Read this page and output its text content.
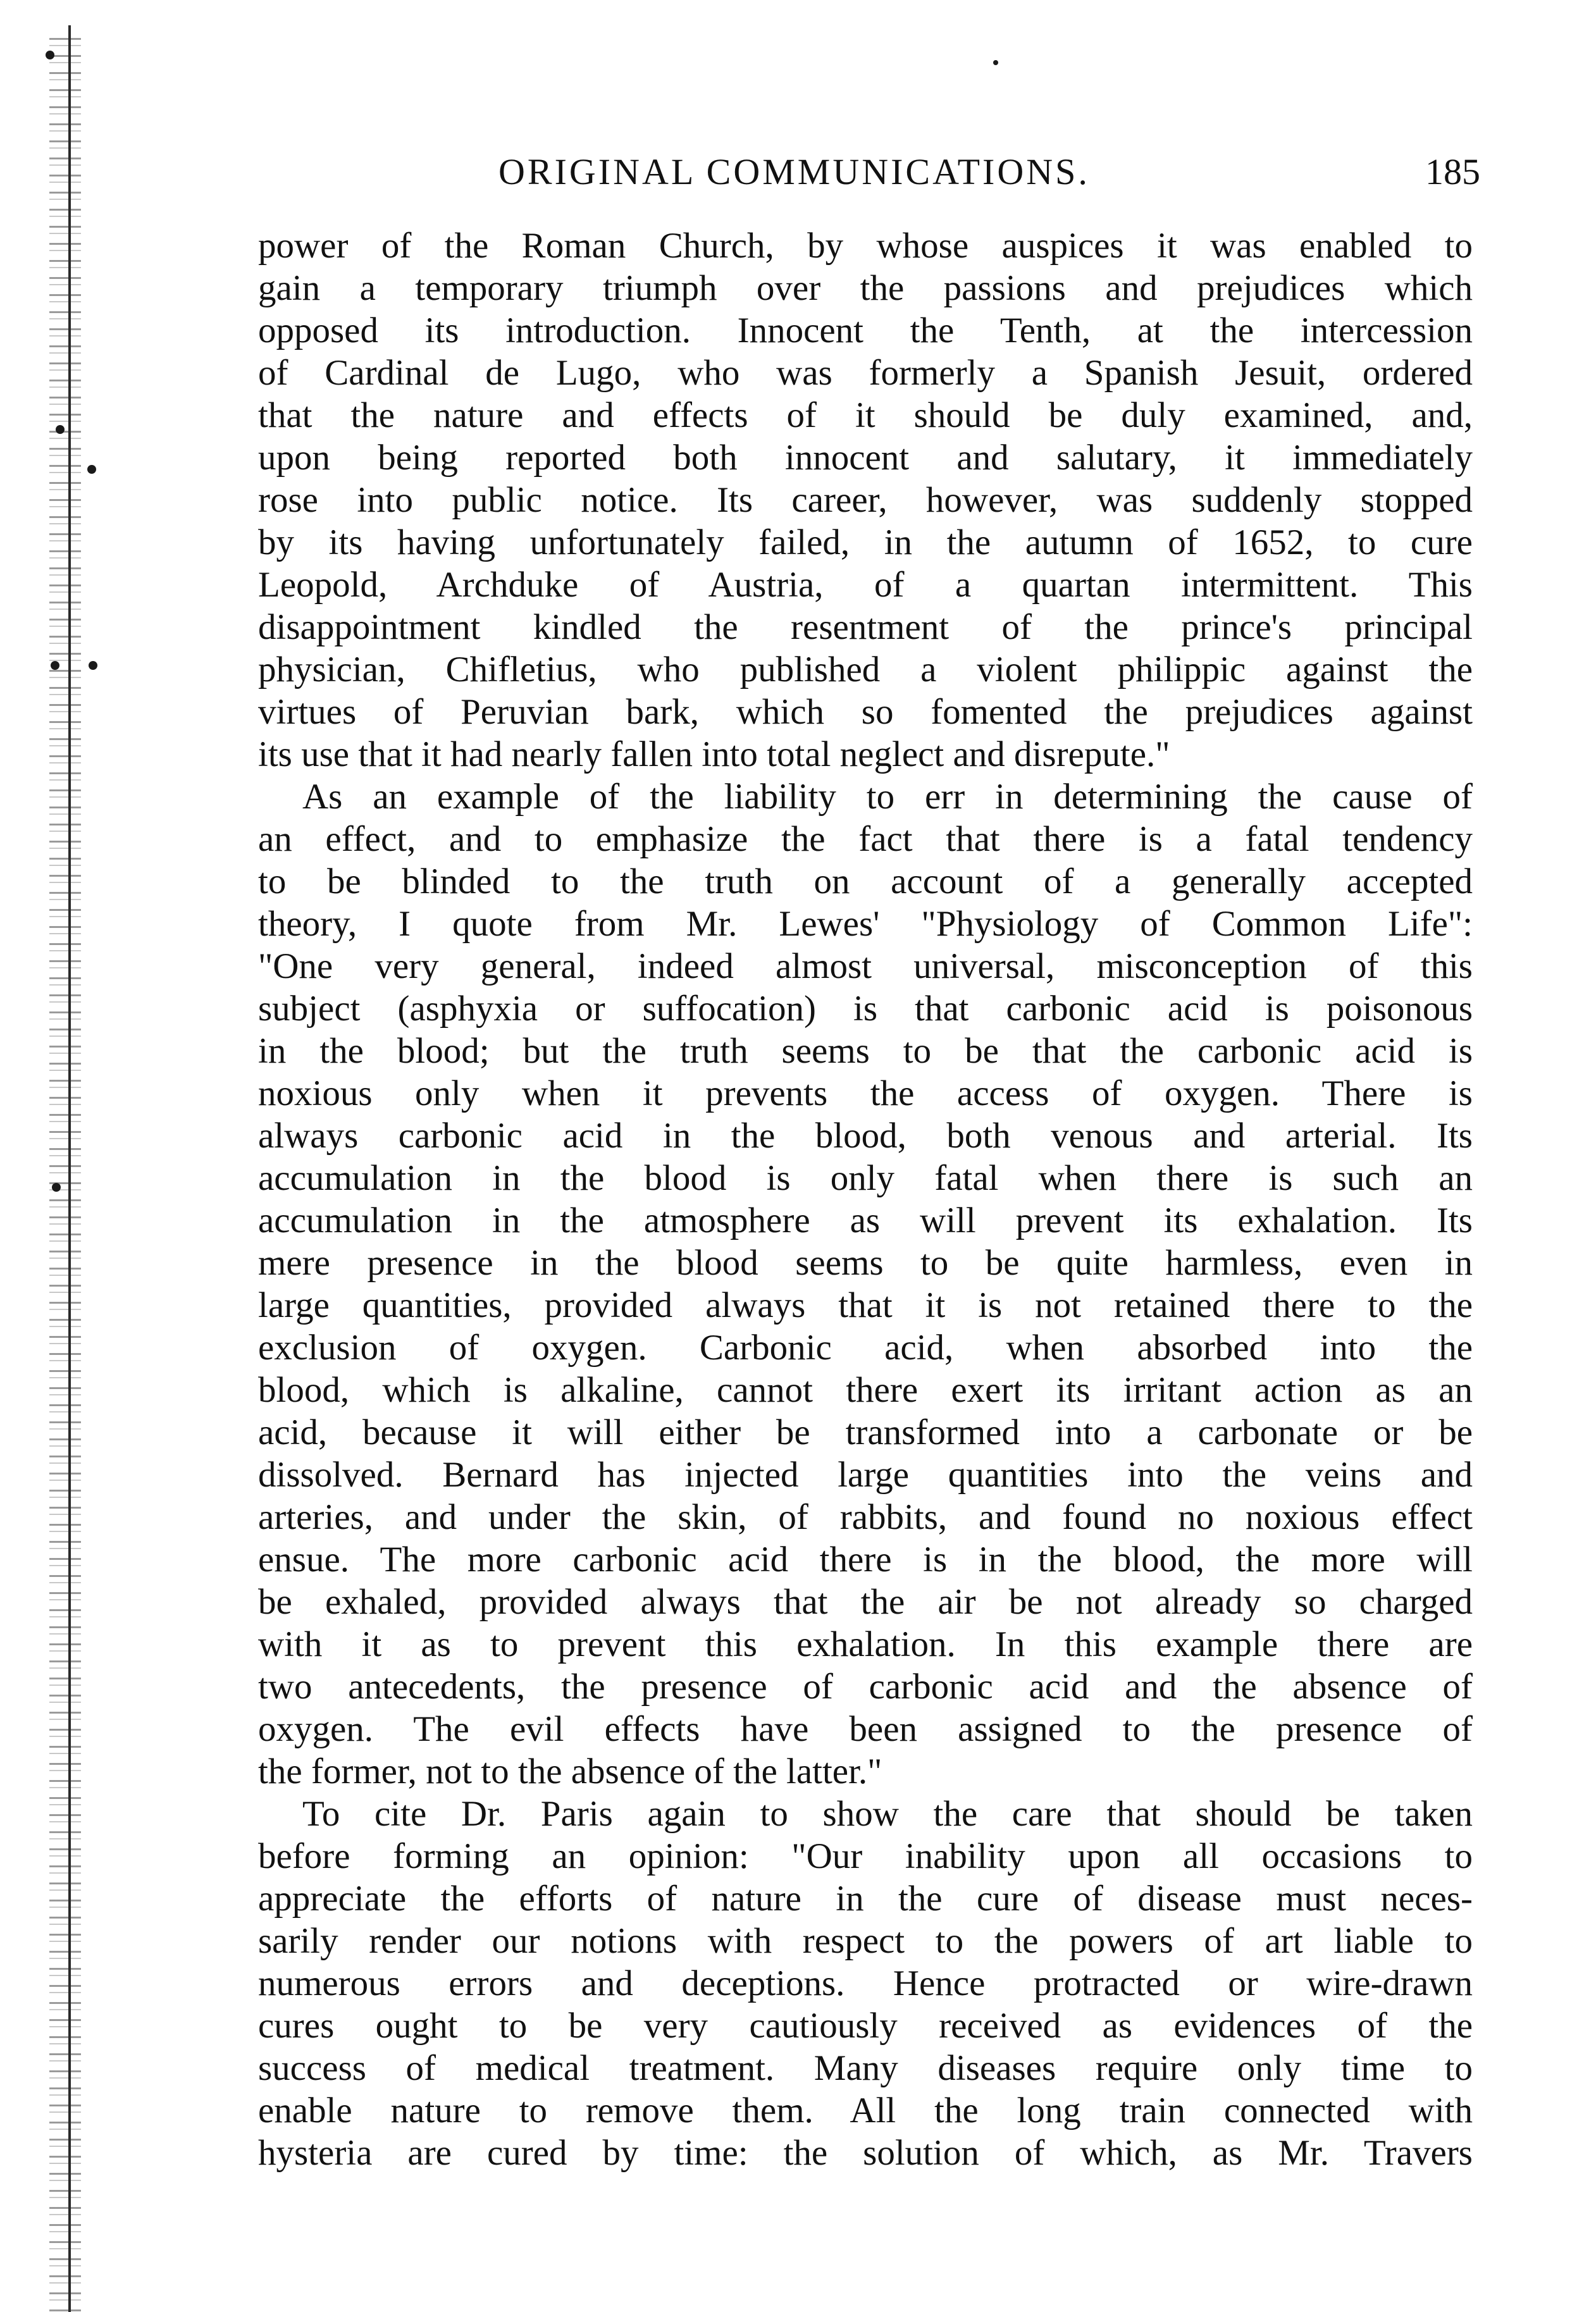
ORIGINAL COMMUNICATIONS.	185
power of the Roman Church, by whose auspices it was enabled to
gain a temporary triumph over the passions and prejudices which
opposed its introduction. Innocent the Tenth, at the intercession
of Cardinal de Lugo, who was formerly a Spanish Jesuit, ordered
that the nature and effects of it should be duly examined, and,
upon being reported both innocent and salutary, it immediately
rose into public notice. Its career, however, was suddenly stopped
by its having unfortunately failed, in the autumn of 1652, to cure
Leopold, Archduke of Austria, of a quartan intermittent. This
disappointment kindled the resentment of the prince's principal
physician, Chifletius, who published a violent philippic against the
virtues of Peruvian bark, which so fomented the prejudices against
its use that it had nearly fallen into total neglect and disrepute."
As an example of the liability to err in determining the cause of
an effect, and to emphasize the fact that there is a fatal tendency
to be blinded to the truth on account of a generally accepted
theory, I quote from Mr. Lewes' "Physiology of Common Life":
"One very general, indeed almost universal, misconception of this
subject (asphyxia or suffocation) is that carbonic acid is poisonous
in the blood; but the truth seems to be that the carbonic acid is
noxious only when it prevents the access of oxygen. There is
always carbonic acid in the blood, both venous and arterial. Its
accumulation in the blood is only fatal when there is such an
accumulation in the atmosphere as will prevent its exhalation. Its
mere presence in the blood seems to be quite harmless, even in
large quantities, provided always that it is not retained there to the
exclusion of oxygen. Carbonic acid, when absorbed into the
blood, which is alkaline, cannot there exert its irritant action as an
acid, because it will either be transformed into a carbonate or be
dissolved. Bernard has injected large quantities into the veins and
arteries, and under the skin, of rabbits, and found no noxious effect
ensue. The more carbonic acid there is in the blood, the more will
be exhaled, provided always that the air be not already so charged
with it as to prevent this exhalation. In this example there are
two antecedents, the presence of carbonic acid and the absence of
oxygen. The evil effects have been assigned to the presence of
the former, not to the absence of the latter."
To cite Dr. Paris again to show the care that should be taken
before forming an opinion: "Our inability upon all occasions to
appreciate the efforts of nature in the cure of disease must neces-
sarily render our notions with respect to the powers of art liable to
numerous errors and deceptions. Hence protracted or wire-drawn
cures ought to be very cautiously received as evidences of the
success of medical treatment. Many diseases require only time to
enable nature to remove them. All the long train connected with
hysteria are cured by time: the solution of which, as Mr. Travers
